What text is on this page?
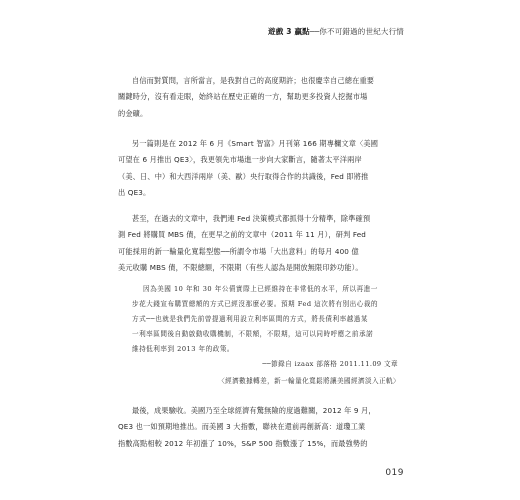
遊戲 3 贏點──你不可錯過的世紀大行情

自信而對質問，言所當言，是我對自己的高度期許；也很慶幸自己總在重要
關鍵時分，沒有看走眼，始終站在歷史正確的一方，幫助更多投資人挖掘市場
的金礦。

另一篇則是在 2012 年 6 月《Smart 智富》月刊第 166 期專欄文章〈美國
可望在 6 月推出 QE3〉，我更領先市場進一步向大家斷言，隨著太平洋兩岸
（美、日、中）和大西洋兩岸（美、歐）央行取得合作的共識後，Fed 即將推
出 QE3。

甚至，在過去的文章中，我們連 Fed 決策模式都抓得十分精準，除準確預
測 Fed 將購買 MBS 債，在更早之前的文章中（2011 年 11 月），研判 Fed
可能採用的新一輪量化寬鬆型態──所謂令市場「大出意料」的每月 400 億
美元收購 MBS 債，不限總額，不限期（有些人認為是開放無限印鈔功能）。

因為美國 10 年和 30 年公債實際上已經維持在非常低的水平，所以再進一
步花大錢宣布購買總額的方式已經沒那麼必要。預期 Fed 這次將有別出心裁的
方式──也就是我們先前曾提過利用設立利率區間的方式，將長債利率越過某
一利率區間後自動啟動收購機制，不限額，不限期，這可以同時呼應之前承諾
維持低利率到 2013 年的政策。
──節錄自 izaax 部落格 2011.11.09 文章
〈經濟數據轉差，新一輪量化寬鬆將讓美國經濟淡入正軌〉

最後，成果驗收。美國乃至全球經濟有驚無險的度過難關，2012 年 9 月，
QE3 也一如預期地推出。而美國 3 大指數，聯袂在還前再創新高：道瓊工業
指數高點相較 2012 年初漲了 10%，S&P 500 指數漲了 15%，而最強勢的

019
